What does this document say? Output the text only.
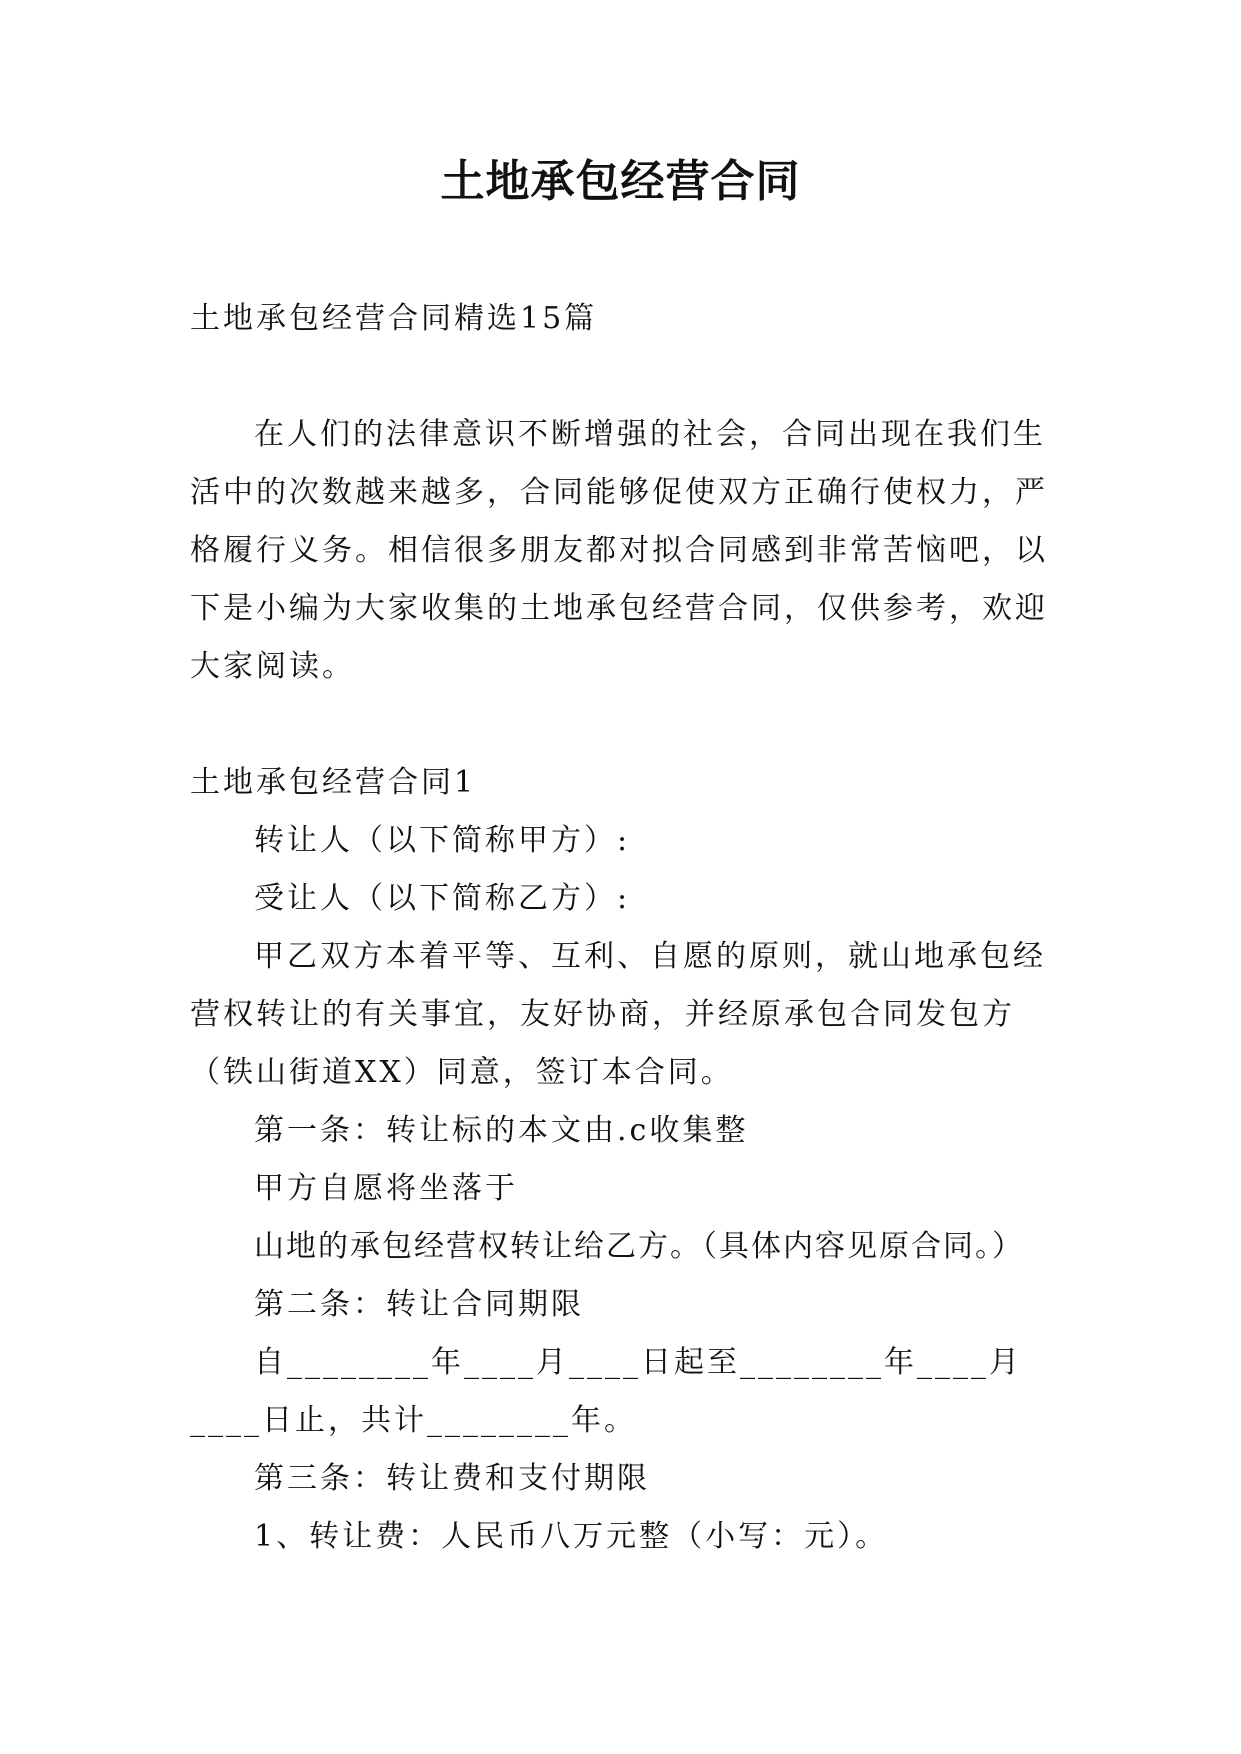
土地承包经营合同

土地承包经营合同精选15篇

在人们的法律意识不断增强的社会，合同出现在我们生活中的次数越来越多，合同能够促使双方正确行使权力，严格履行义务。相信很多朋友都对拟合同感到非常苦恼吧，以下是小编为大家收集的土地承包经营合同，仅供参考，欢迎大家阅读。

土地承包经营合同1

转让人（以下简称甲方）:

受让人（以下简称乙方）:

甲乙双方本着平等、互利、自愿的原则，就山地承包经营权转让的有关事宜，友好协商，并经原承包合同发包方（铁山街道XX）同意，签订本合同。

第一条：转让标的本文由.c收集整

甲方自愿将坐落于

山地的承包经营权转让给乙方。（具体内容见原合同。）

第二条：转让合同期限

自________年____月____日起至________年____月____日止，共计________年。

第三条：转让费和支付期限

1、转让费：人民币八万元整（小写：元）。
